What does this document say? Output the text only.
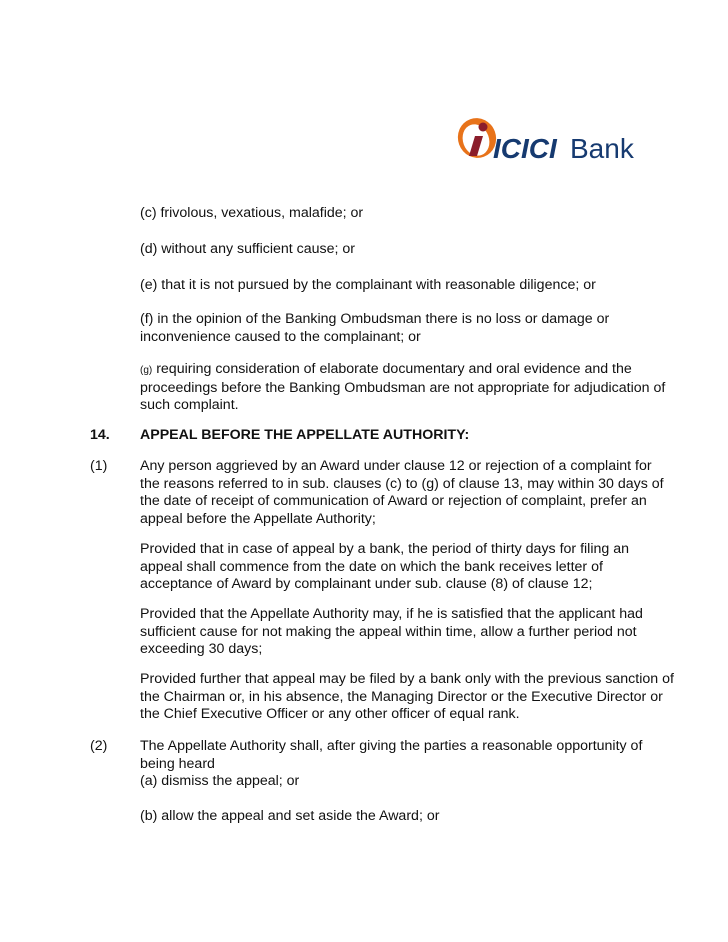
ICICI Bank

(c) frivolous, vexatious, malafide; or

(d) without any sufficient cause; or

(e) that it is not pursued by the complainant with reasonable diligence; or

(f) in the opinion of the Banking Ombudsman there is no loss or damage or inconvenience caused to the complainant; or

(g) requiring consideration of elaborate documentary and oral evidence and the proceedings before the Banking Ombudsman are not appropriate for adjudication of such complaint.

14. APPEAL BEFORE THE APPELLATE AUTHORITY:

(1) Any person aggrieved by an Award under clause 12 or rejection of a complaint for the reasons referred to in sub. clauses (c) to (g) of clause 13, may within 30 days of the date of receipt of communication of Award or rejection of complaint, prefer an appeal before the Appellate Authority;

Provided that in case of appeal by a bank, the period of thirty days for filing an appeal shall commence from the date on which the bank receives letter of acceptance of Award by complainant under sub. clause (8) of clause 12;

Provided that the Appellate Authority may, if he is satisfied that the applicant had sufficient cause for not making the appeal within time, allow a further period not exceeding 30 days;

Provided further that appeal may be filed by a bank only with the previous sanction of the Chairman or, in his absence, the Managing Director or the Executive Director or the Chief Executive Officer or any other officer of equal rank.

(2) The Appellate Authority shall, after giving the parties a reasonable opportunity of being heard

(a) dismiss the appeal; or

(b) allow the appeal and set aside the Award; or
